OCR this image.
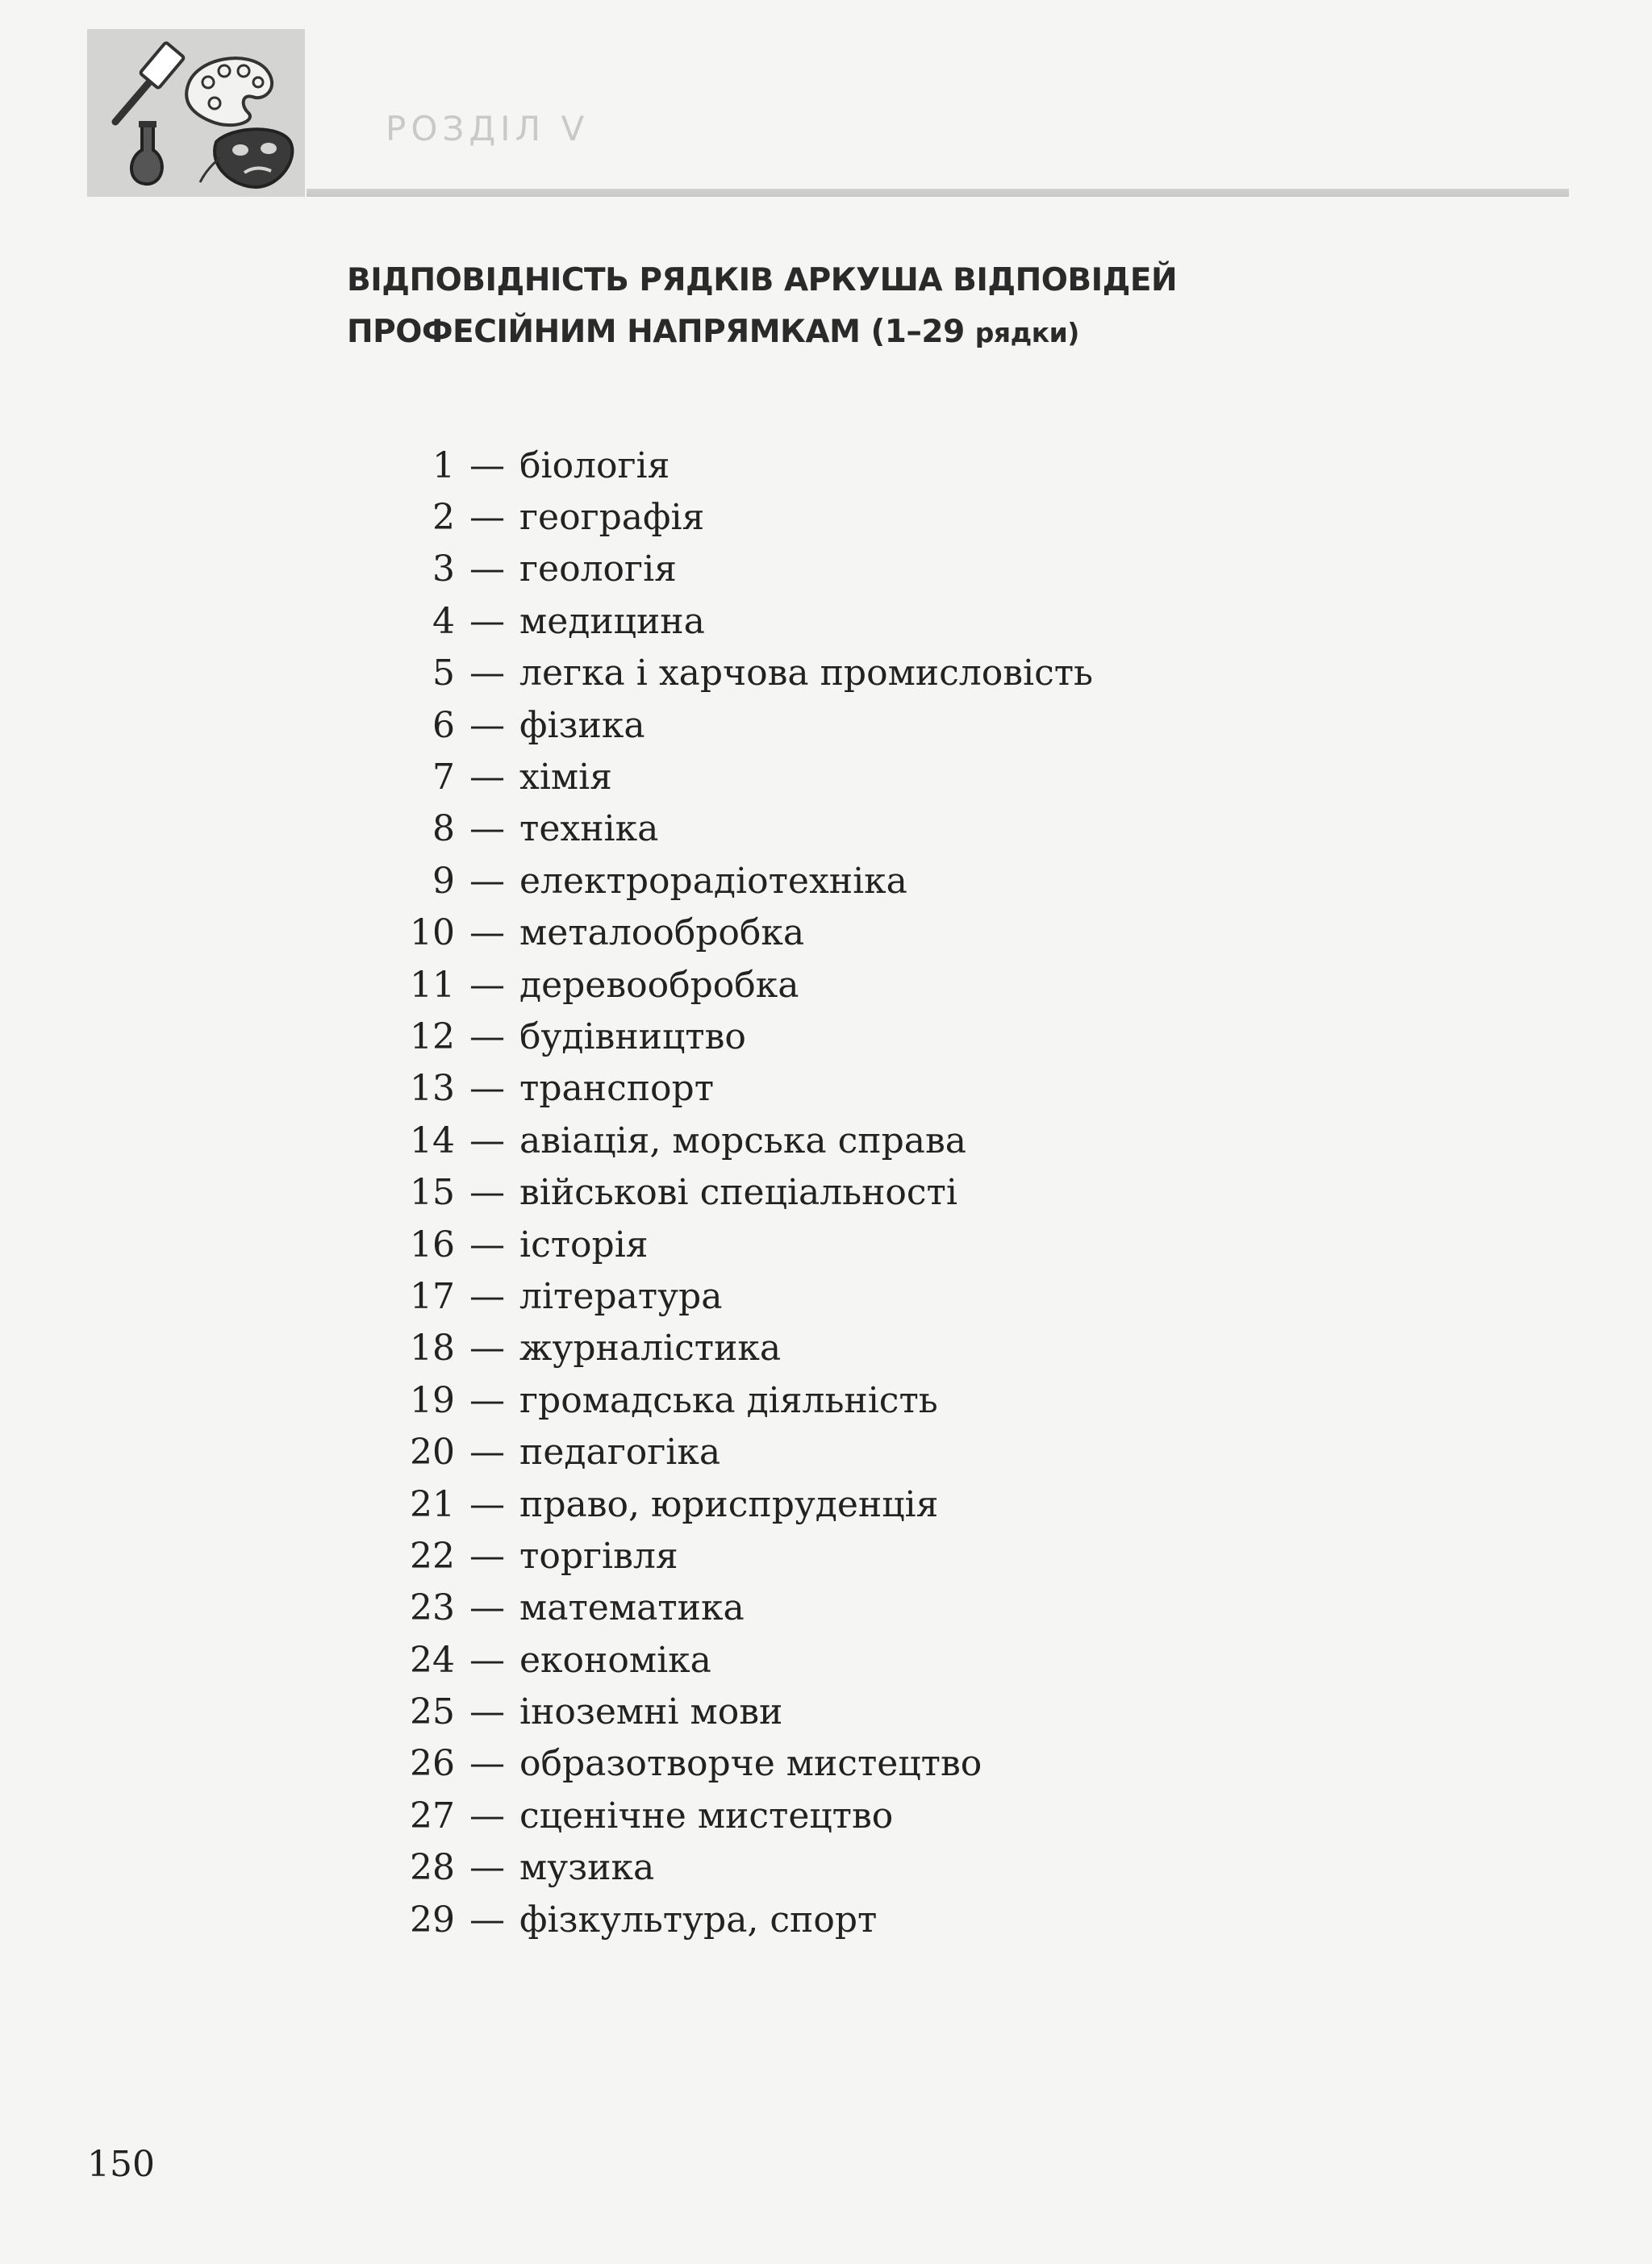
РОЗДІЛ V
ВІДПОВІДНІСТЬ РЯДКІВ АРКУША ВІДПОВІДЕЙ
ПРОФЕСІЙНИМ НАПРЯМКАМ (1–29 рядки)
1 — біологія
2 — географія
3 — геологія
4 — медицина
5 — легка і харчова промисловість
6 — фізика
7 — хімія
8 — техніка
9 — електрорадіотехніка
10 — металообробка
11 — деревообробка
12 — будівництво
13 — транспорт
14 — авіація, морська справа
15 — військові спеціальності
16 — історія
17 — література
18 — журналістика
19 — громадська діяльність
20 — педагогіка
21 — право, юриспруденція
22 — торгівля
23 — математика
24 — економіка
25 — іноземні мови
26 — образотворче мистецтво
27 — сценічне мистецтво
28 — музика
29 — фізкультура, спорт
150
